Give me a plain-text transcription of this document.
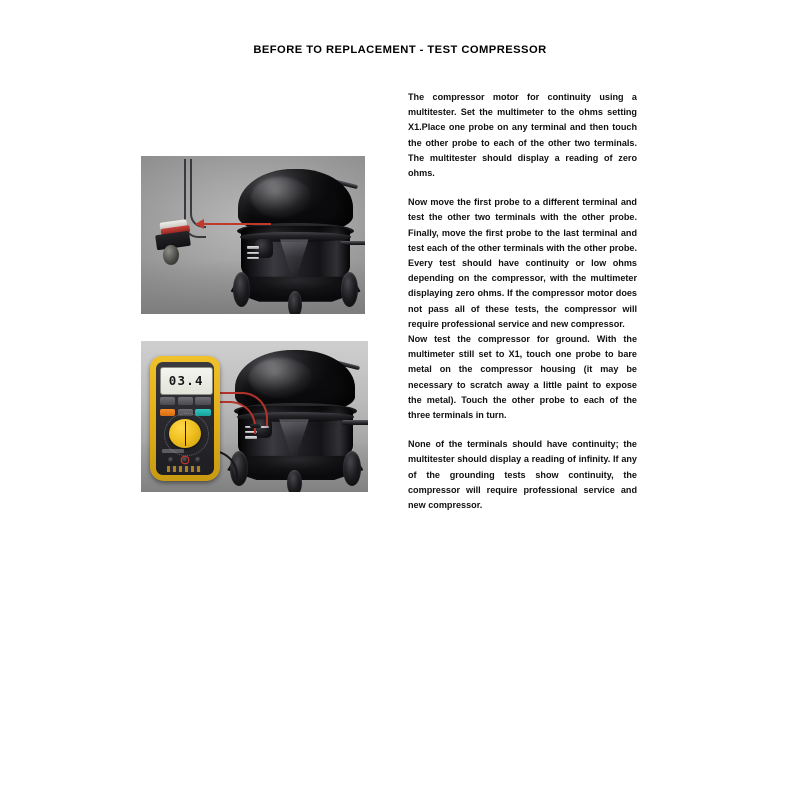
BEFORE TO REPLACEMENT - TEST COMPRESSOR
03.4

The compressor motor for continuity using a multitester. Set the multimeter to the ohms setting X1.Place one probe on any terminal and then touch the other probe to each of the other two terminals. The multitester should display a reading of zero ohms.

Now move the first probe to a different terminal and test the other two terminals with the other probe. Finally, move the first probe to the last terminal and test each of the other terminals with the other probe. Every test should have continuity or low ohms depending on the compressor, with the multimeter displaying zero ohms. If the compressor motor does not pass all of these tests, the compressor will require professional service and new compressor.

Now test the compressor for ground. With the multimeter still set to X1, touch one probe to bare metal on the compressor housing (it may be necessary to scratch away a little paint to expose the metal). Touch the other probe to each of the three terminals in turn.

None of the terminals should have continuity; the multitester should display a reading of infinity. If any of the grounding tests show continuity, the compressor will require professional service and new compressor.
